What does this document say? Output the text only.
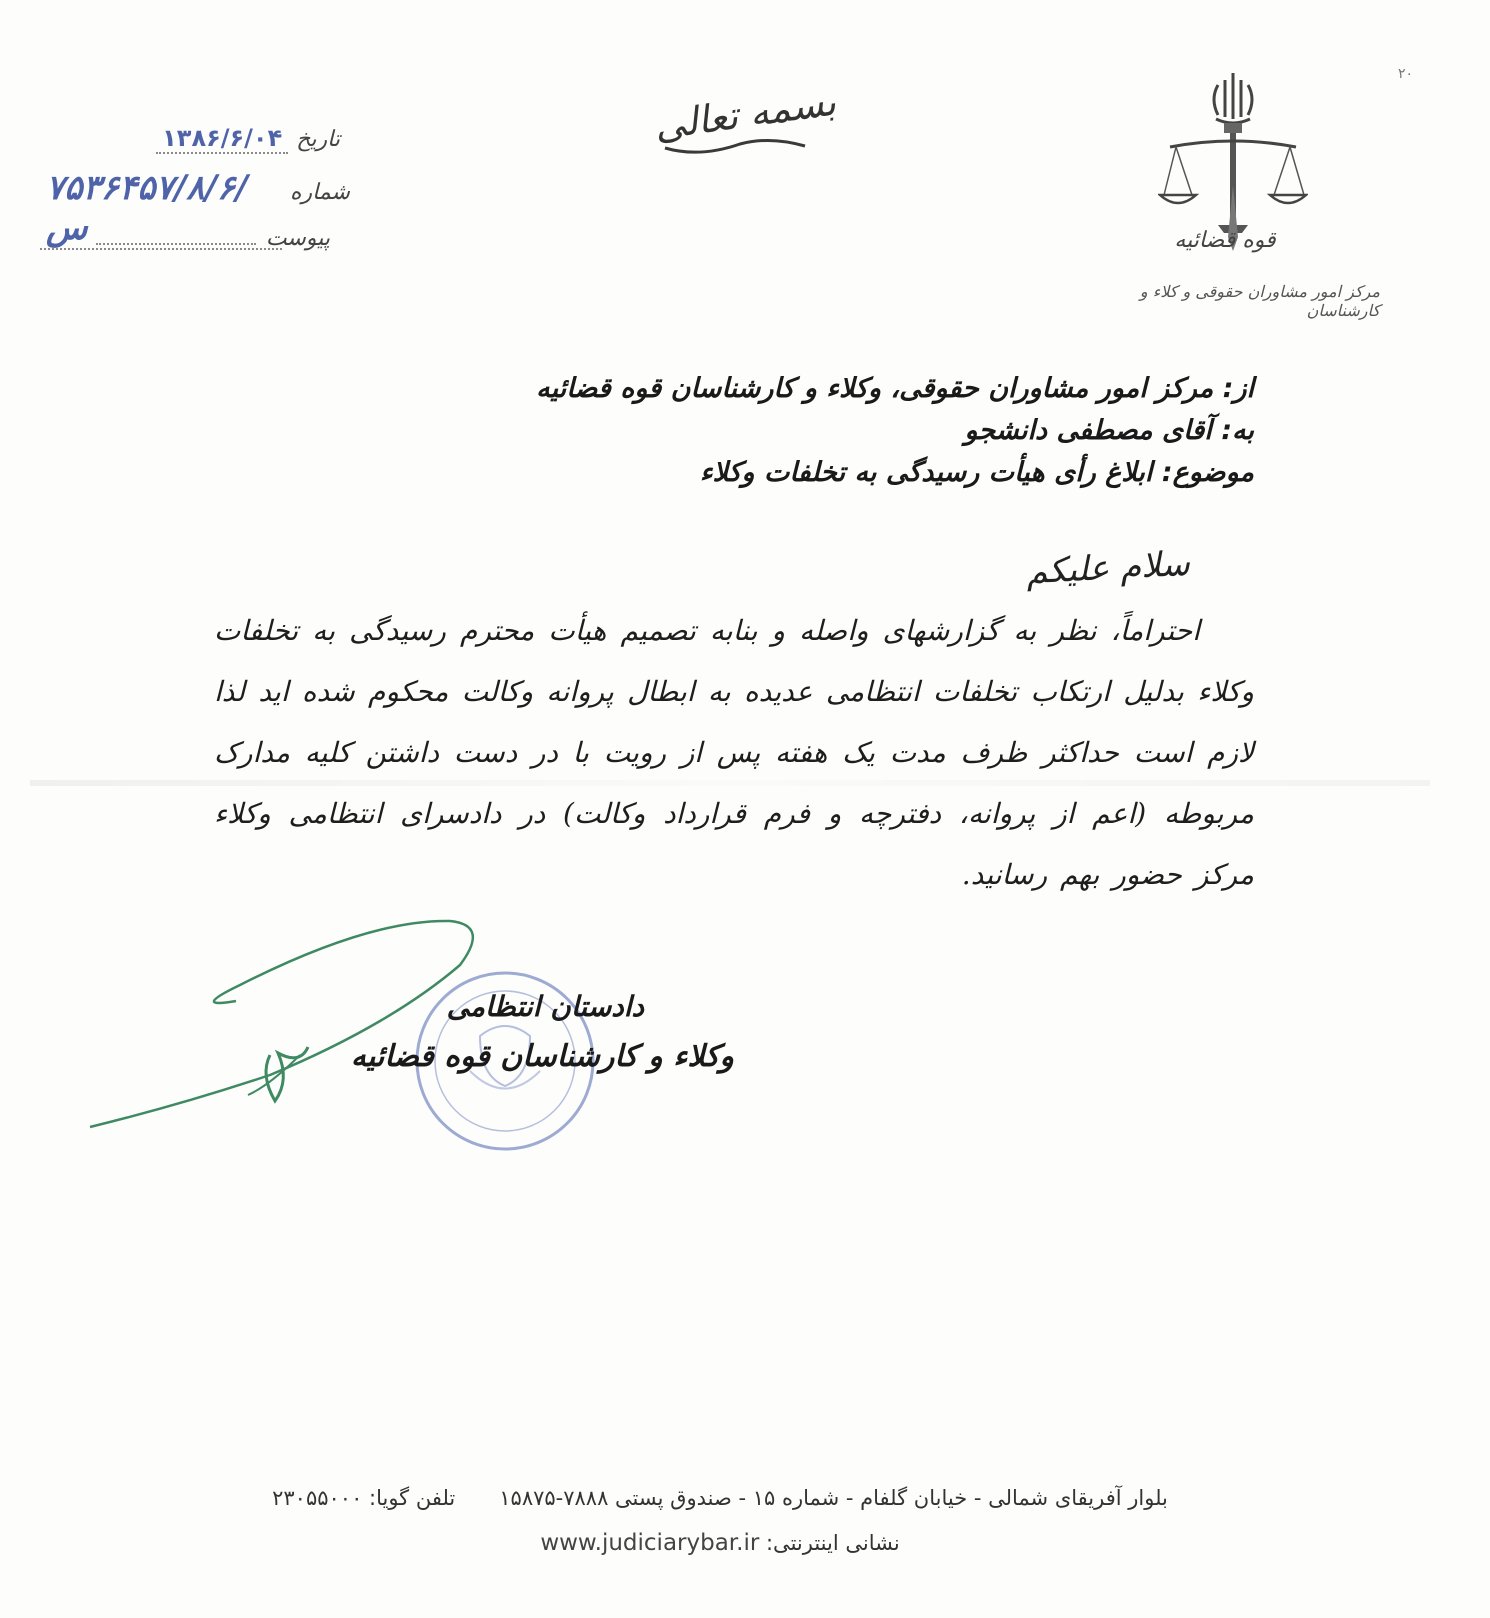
٢٠
قوه قضائیه
مرکز امور مشاوران حقوقی و کلاء و کارشناسان
بسمه تعالی
تاریخ
۱۳۸۶/۶/۰۴
شماره
۷۵۳۶۴۵۷/۸/۶/س	پیوست
از: مرکز امور مشاوران حقوقی، وکلاء و کارشناسان قوه قضائیه
به: آقای مصطفی دانشجو
موضوع: ابلاغ رأی هیأت رسیدگی به تخلفات وکلاء
سلام علیکم
احتراماً، نظر به گزارشهای واصله و بنابه تصمیم هیأت محترم رسیدگی به تخلفات وکلاء بدلیل ارتکاب تخلفات انتظامی عدیده به ابطال پروانه وکالت محکوم شده اید لذا لازم است حداکثر ظرف مدت یک هفته پس از رویت با در دست داشتن کلیه مدارک مربوطه (اعم از پروانه، دفترچه و فرم قرارداد وکالت) در دادسرای انتظامی وکلاء مرکز حضور بهم رسانید.
دادستان انتظامی
وکلاء و کارشناسان قوه قضائیه
بلوار آفریقای شمالی - خیابان گلفام - شماره ۱۵ - صندوق پستی ۷۸۸۸-۱۵۸۷۵تلفن گویا: ۲۳۰۵۵۰۰۰
نشانی اینترنتی: www.judiciarybar.ir
